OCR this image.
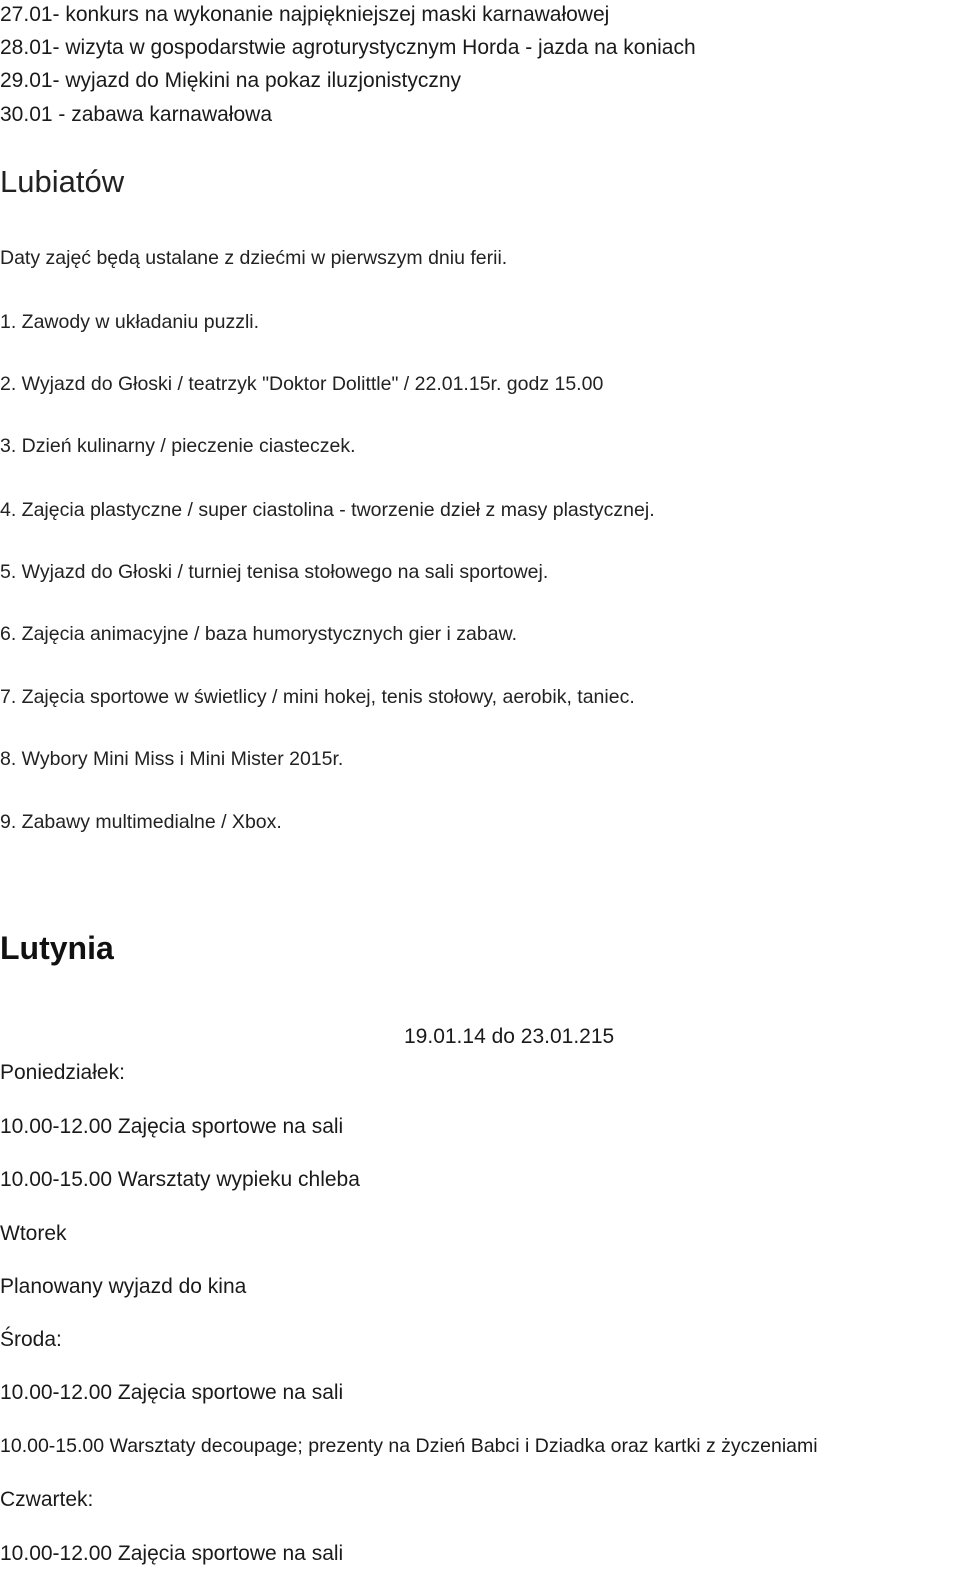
27.01- konkurs na wykonanie najpiękniejszej maski karnawałowej

28.01- wizyta w gospodarstwie agroturystycznym Horda - jazda na koniach

29.01- wyjazd do Miękini na pokaz iluzjonistyczny

30.01 - zabawa karnawałowa

Lubiatów

Daty zajęć będą ustalane z dziećmi w pierwszym dniu ferii.

1. Zawody w układaniu puzzli.

2. Wyjazd do Głoski / teatrzyk "Doktor Dolittle" / 22.01.15r. godz 15.00

3. Dzień kulinarny / pieczenie ciasteczek.

4. Zajęcia plastyczne / super ciastolina - tworzenie dzieł z masy plastycznej.

5. Wyjazd do Głoski / turniej tenisa stołowego na sali sportowej.

6. Zajęcia animacyjne / baza humorystycznych gier i zabaw.

7. Zajęcia sportowe w świetlicy / mini hokej, tenis stołowy, aerobik, taniec.

8. Wybory Mini Miss i Mini Mister 2015r.

9. Zabawy multimedialne / Xbox.

Lutynia

19.01.14 do 23.01.215

Poniedziałek:

10.00-12.00 Zajęcia sportowe na sali

10.00-15.00 Warsztaty wypieku chleba

Wtorek

Planowany wyjazd do kina

Środa:

10.00-12.00 Zajęcia sportowe na sali

10.00-15.00 Warsztaty decoupage; prezenty na Dzień Babci i Dziadka oraz kartki z życzeniami

Czwartek:

10.00-12.00 Zajęcia sportowe na sali
